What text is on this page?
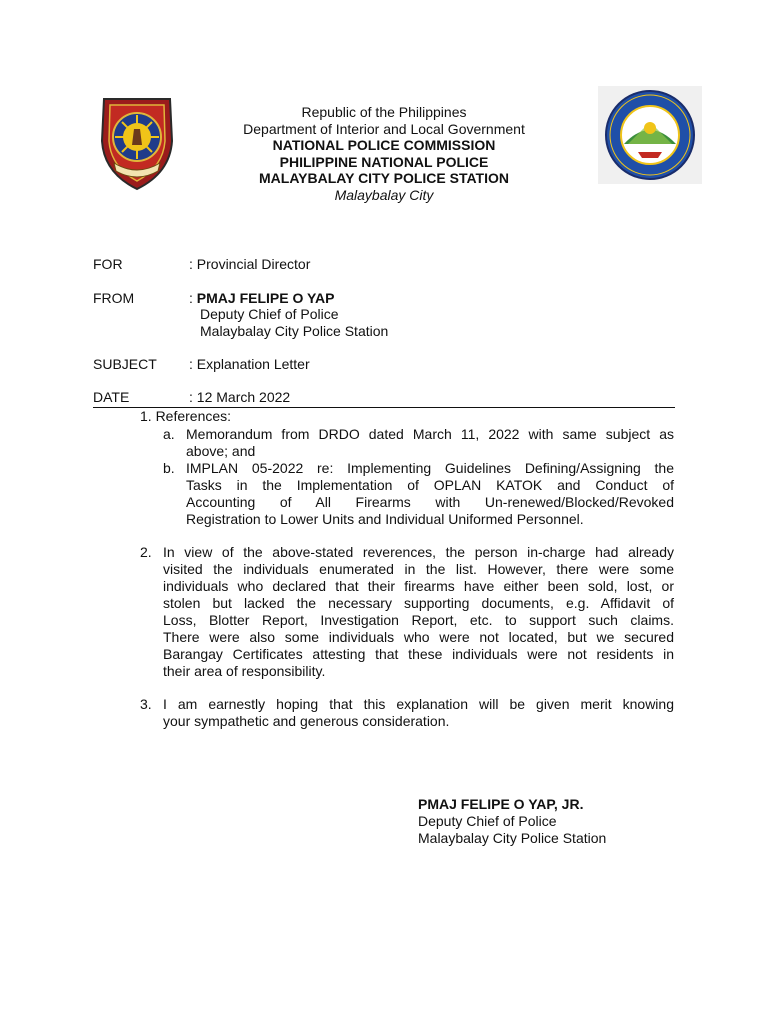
Republic of the Philippines
Department of Interior and Local Government
NATIONAL POLICE COMMISSION
PHILIPPINE NATIONAL POLICE
MALAYBALAY CITY POLICE STATION
Malaybalay City
FOR	: Provincial Director
FROM	: PMAJ FELIPE O YAP
Deputy Chief of Police
Malaybalay City Police Station
SUBJECT : Explanation Letter
DATE	: 12 March 2022
1. References:
a. Memorandum from DRDO dated March 11, 2022 with same subject as
above; and
b. IMPLAN 05-2022 re: Implementing Guidelines Defining/Assigning the
Tasks in the Implementation of OPLAN KATOK and Conduct of
Accounting of All Firearms with Un-renewed/Blocked/Revoked
Registration to Lower Units and Individual Uniformed Personnel.
2. In view of the above-stated reverences, the person in-charge had already
visited the individuals enumerated in the list. However, there were some
individuals who declared that their firearms have either been sold, lost, or
stolen but lacked the necessary supporting documents, e.g. Affidavit of
Loss, Blotter Report, Investigation Report, etc. to support such claims.
There were also some individuals who were not located, but we secured
Barangay Certificates attesting that these individuals were not residents in
their area of responsibility.
3. I am earnestly hoping that this explanation will be given merit knowing
your sympathetic and generous consideration.
PMAJ FELIPE O YAP, JR.
Deputy Chief of Police
Malaybalay City Police Station
